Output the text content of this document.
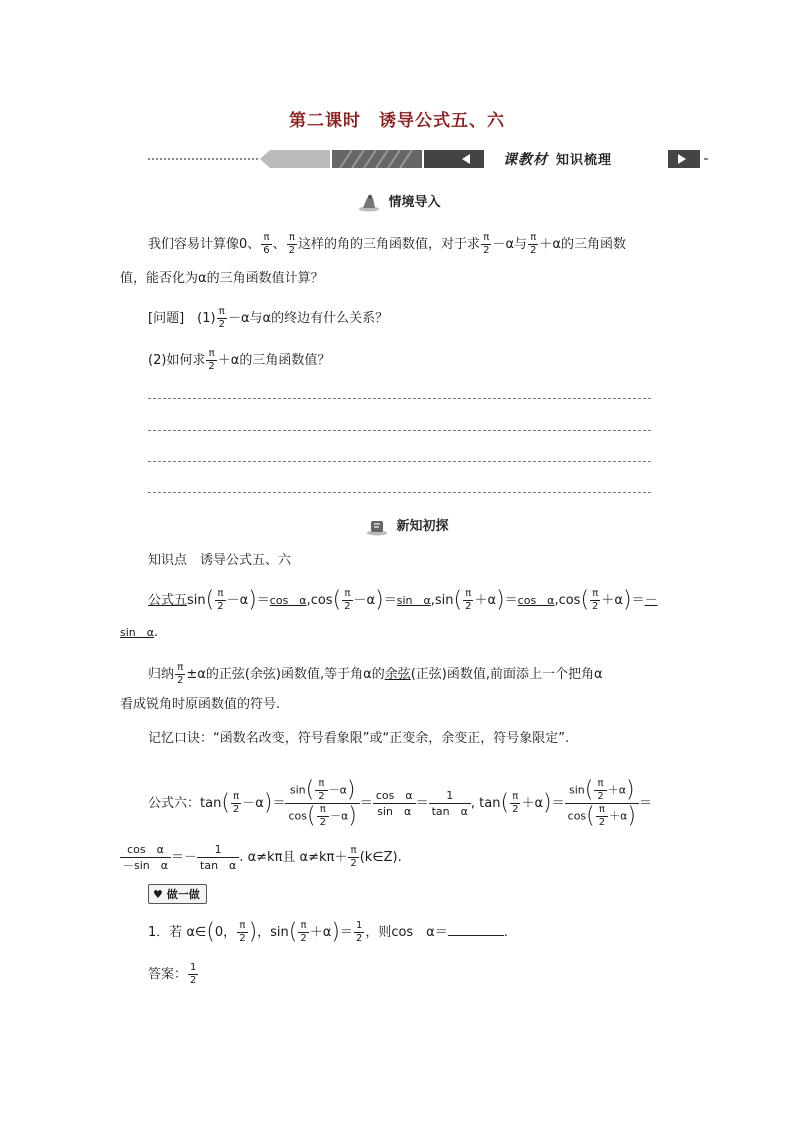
第二课时　诱导公式五、六
课教材 知识梳理
情境导入
我们容易计算像0、 $\frac{\pi}{6}$ 、 $\frac{\pi}{2}$ 这样的角的三角函数值，对于求 $\frac{\pi}{2} -\alpha$与 $\frac{\pi}{2} +\alpha$的三角函数
值，能否化为α的三角函数值计算？
[问题]　$(1) \frac{\pi}{2} -\alpha$与α的终边有什么关系？
(2)如何求 $\frac{\pi}{2} +\alpha$的三角函数值？
新知初探
知识点　诱导公式五、六
公式五$\sin( \frac{\pi}{2} -\alpha)=\cos$　$\alpha,\cos( \frac{\pi}{2} -\alpha)=\sin$　$\alpha,\sin( \frac{\pi}{2} +\alpha)=\cos$　$\alpha,\cos( \frac{\pi}{2} +\alpha)=-$
sin　α.
归纳 $\frac{\pi}{2} \pm\alpha$的正弦(余弦)函数值,等于角α的余弦(正弦)函数值,前面添上一个把角α
看成锐角时原函数值的符号.
记忆口诀：“函数名改变，符号看象限”或“正变余，余变正，符号象限定”.
公式六：$\tan( \frac{\pi}{2} -\alpha)= \frac{\sin( \frac{\pi}{2} -\alpha)}{\cos( \frac{\pi}{2} -\alpha)} = \frac{\text{cos　α}}{\text{sin　α}} = \frac{1}{\text{tan　α}}$ , $\tan( \frac{\pi}{2} +\alpha)= \frac{\sin( \frac{\pi}{2} +\alpha)}{\cos( \frac{\pi}{2} +\alpha)}$ ＝
$\frac{\text{cos　α}}{\text{－sin　α}} =- \frac{1}{\text{tan　α}}$ . α≠kπ且 $\alpha\ne k\pi+ \frac{\pi}{2}$ (k∈Z).
♥ 做一做
1．若 α∈(0， $\frac{\pi}{2}$ )，$\sin( \frac{\pi}{2} +\alpha)= \frac{1}{2}$ ，则cos　α＝	.
答案： $\frac{1}{2}$
